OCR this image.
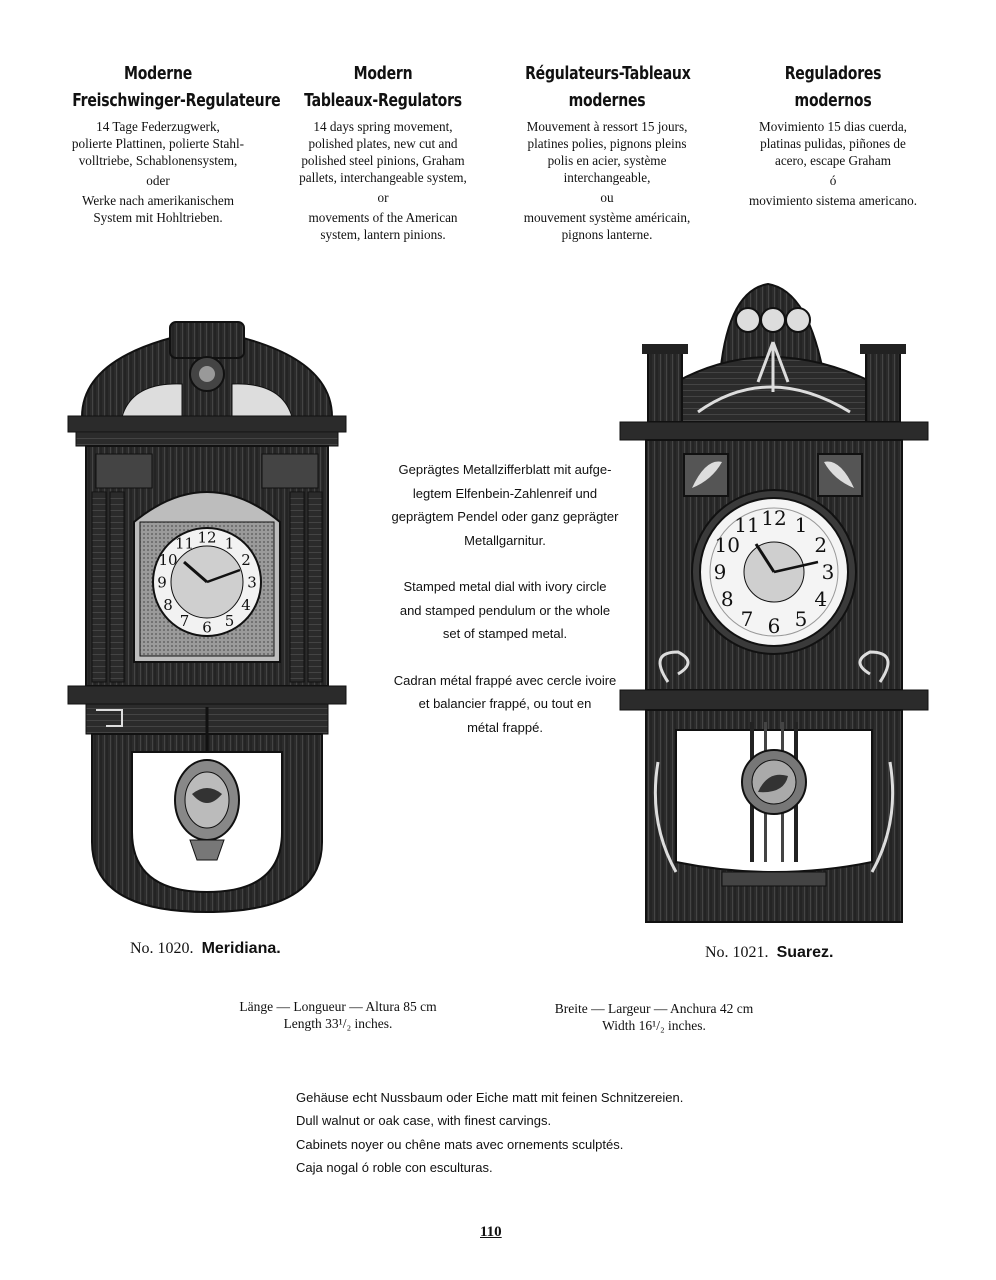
Moderne
Freischwinger-Regulateure
14 Tage Federzugwerk,
polierte Plattinen, polierte Stahl-
volltriebe, Schablonensystem,
oder
Werke nach amerikanischem
System mit Hohltrieben.
Modern
Tableaux-Regulators
14 days spring movement,
polished plates, new cut and
polished steel pinions, Graham
pallets, interchangeable system,
or
movements of the American
system, lantern pinions.
Régulateurs-Tableaux
modernes
Mouvement à ressort 15 jours,
platines polies, pignons pleins
polis en acier, système
interchangeable,
ou
mouvement système américain,
pignons lanterne.
Reguladores
modernos
Movimiento 15 dias cuerda,
platinas pulidas, piñones de
acero, escape Graham
ó
movimiento sistema americano.
12 1
2
3
4
5
6
7
8
9
10
11
No. 1020. Meridiana.
Geprägtes Metallzifferblatt mit aufge-
legtem Elfenbein-Zahlenreif und
geprägtem Pendel oder ganz geprägter
Metallgarnitur.
Stamped metal dial with ivory circle
and stamped pendulum or the whole
set of stamped metal.
Cadran métal frappé avec cercle ivoire
et balancier frappé, ou tout en
métal frappé.
12 1
2
3
4
5
6
7
8
9
10
11
No. 1021. Suarez.
Länge — Longueur — Altura 85 cm
Length 33¹/₂ inches.
Breite — Largeur — Anchura 42 cm
Width 16¹/₂ inches.
Gehäuse echt Nussbaum oder Eiche matt mit feinen Schnitzereien.
Dull walnut or oak case, with finest carvings.
Cabinets noyer ou chêne mats avec ornements sculptés.
Caja nogal ó roble con esculturas.
110
